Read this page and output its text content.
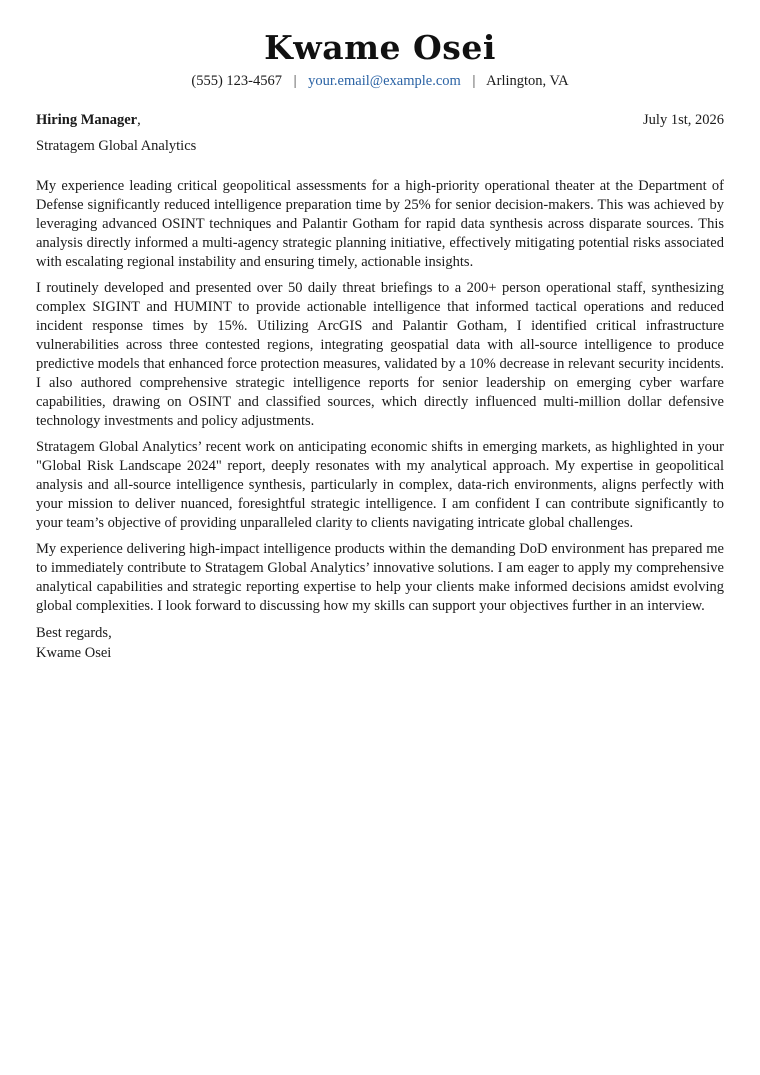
Kwame Osei
(555) 123-4567 | your.email@example.com | Arlington, VA
Hiring Manager,	July 1st, 2026
Stratagem Global Analytics

My experience leading critical geopolitical assessments for a high-priority operational theater at the Department of Defense significantly reduced intelligence preparation time by 25% for senior decision-makers. This was achieved by leveraging advanced OSINT techniques and Palantir Gotham for rapid data synthesis across disparate sources. This analysis directly informed a multi-agency strategic planning initiative, effectively mitigating potential risks associated with escalating regional instability and ensuring timely, actionable insights.

I routinely developed and presented over 50 daily threat briefings to a 200+ person operational staff, synthesizing complex SIGINT and HUMINT to provide actionable intelligence that informed tactical operations and reduced incident response times by 15%. Utilizing ArcGIS and Palantir Gotham, I identified critical infrastructure vulnerabilities across three contested regions, integrating geospatial data with all-source intelligence to produce predictive models that enhanced force protection measures, validated by a 10% decrease in relevant security incidents. I also authored comprehensive strategic intelligence reports for senior leadership on emerging cyber warfare capabilities, drawing on OSINT and classified sources, which directly influenced multi-million dollar defensive technology investments and policy adjustments.

Stratagem Global Analytics’ recent work on anticipating economic shifts in emerging markets, as highlighted in your "Global Risk Landscape 2024" report, deeply resonates with my analytical approach. My expertise in geopolitical analysis and all-source intelligence synthesis, particularly in complex, data-rich environments, aligns perfectly with your mission to deliver nuanced, foresightful strategic intelligence. I am confident I can contribute significantly to your team’s objective of providing unparalleled clarity to clients navigating intricate global challenges.

My experience delivering high-impact intelligence products within the demanding DoD environment has prepared me to immediately contribute to Stratagem Global Analytics’ innovative solutions. I am eager to apply my comprehensive analytical capabilities and strategic reporting expertise to help your clients make informed decisions amidst evolving global complexities. I look forward to discussing how my skills can support your objectives further in an interview.

Best regards,
Kwame Osei
